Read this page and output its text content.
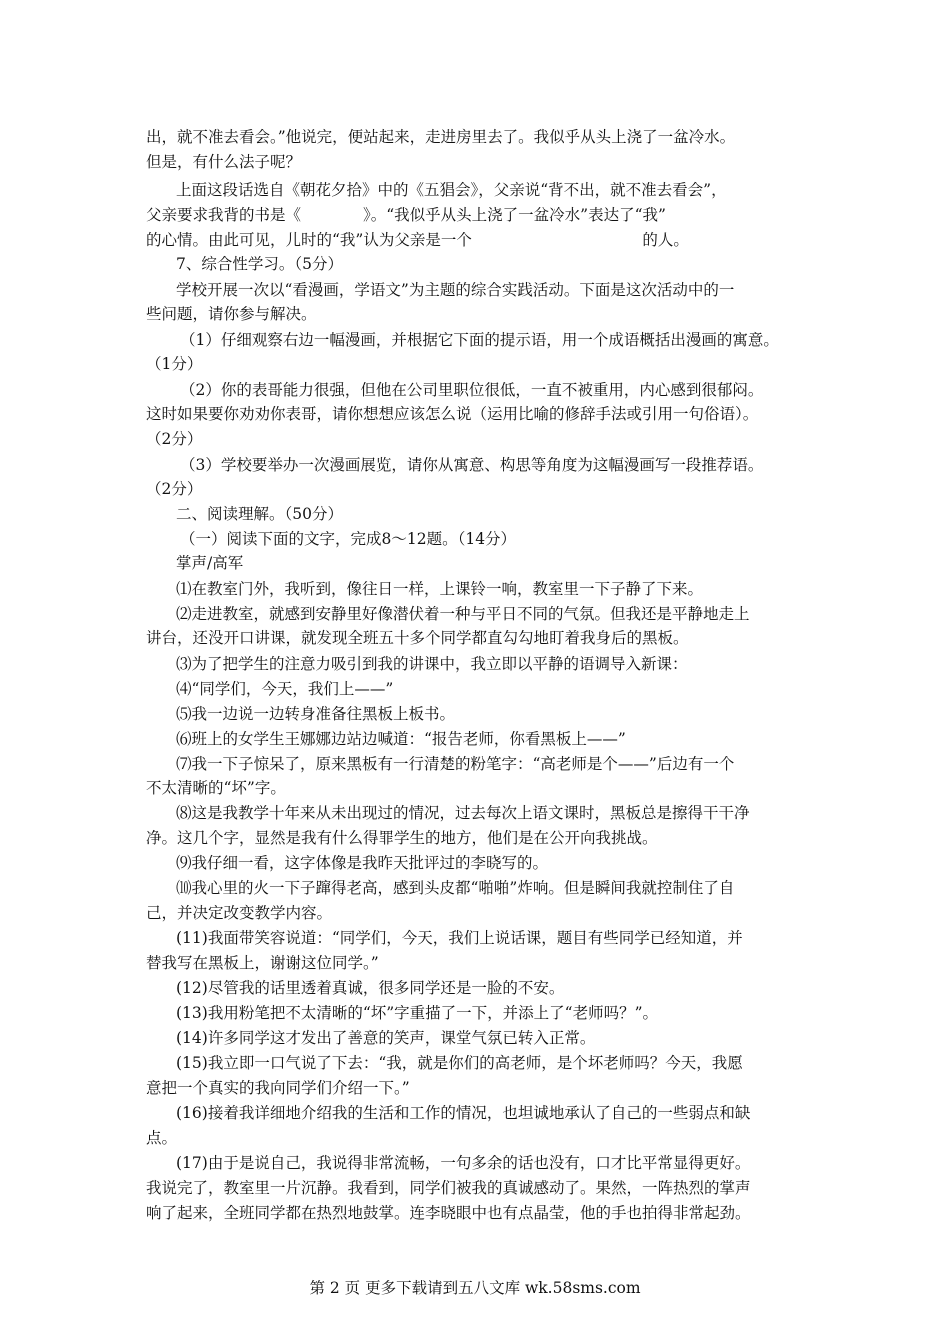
出，就不准去看会。”他说完，便站起来，走进房里去了。我似乎从头上浇了一盆冷水。
但是，有什么法子呢？
上面这段话选自《朝花夕拾》中的《五猖会》，父亲说“背不出，就不准去看会”，
父亲要求我背的书是《　　　　》。“我似乎从头上浇了一盆冷水”表达了“我”
的心情。由此可见，儿时的“我”认为父亲是一个　　　　　　　　　　　的人。
7、综合性学习。（5分）
学校开展一次以“看漫画，学语文”为主题的综合实践活动。下面是这次活动中的一
些问题，请你参与解决。
（1）仔细观察右边一幅漫画，并根据它下面的提示语，用一个成语概括出漫画的寓意。
（1分）
（2）你的表哥能力很强，但他在公司里职位很低，一直不被重用，内心感到很郁闷。
这时如果要你劝劝你表哥，请你想想应该怎么说（运用比喻的修辞手法或引用一句俗语）。
（2分）
（3）学校要举办一次漫画展览，请你从寓意、构思等角度为这幅漫画写一段推荐语。
（2分）
二、阅读理解。（50分）
（一）阅读下面的文字，完成8～12题。（14分）
掌声/高军
⑴在教室门外，我听到，像往日一样，上课铃一响，教室里一下子静了下来。
⑵走进教室，就感到安静里好像潜伏着一种与平日不同的气氛。但我还是平静地走上
讲台，还没开口讲课，就发现全班五十多个同学都直勾勾地盯着我身后的黑板。
⑶为了把学生的注意力吸引到我的讲课中，我立即以平静的语调导入新课：
⑷“同学们，今天，我们上——”
⑸我一边说一边转身准备往黑板上板书。
⑹班上的女学生王娜娜边站边喊道：“报告老师，你看黑板上——”
⑺我一下子惊呆了，原来黑板有一行清楚的粉笔字：“高老师是个——”后边有一个
不太清晰的“坏”字。
⑻这是我教学十年来从未出现过的情况，过去每次上语文课时，黑板总是擦得干干净
净。这几个字，显然是我有什么得罪学生的地方，他们是在公开向我挑战。
⑼我仔细一看，这字体像是我昨天批评过的李晓写的。
⑽我心里的火一下子蹿得老高，感到头皮都“啪啪”炸响。但是瞬间我就控制住了自
己，并决定改变教学内容。
(11)我面带笑容说道：“同学们，今天，我们上说话课，题目有些同学已经知道，并
替我写在黑板上，谢谢这位同学。”
(12)尽管我的话里透着真诚，很多同学还是一脸的不安。
(13)我用粉笔把不太清晰的“坏”字重描了一下，并添上了“老师吗？”。
(14)许多同学这才发出了善意的笑声，课堂气氛已转入正常。
(15)我立即一口气说了下去：“我，就是你们的高老师，是个坏老师吗？今天，我愿
意把一个真实的我向同学们介绍一下。”
(16)接着我详细地介绍我的生活和工作的情况，也坦诚地承认了自己的一些弱点和缺
点。
(17)由于是说自己，我说得非常流畅，一句多余的话也没有，口才比平常显得更好。
我说完了，教室里一片沉静。我看到，同学们被我的真诚感动了。果然，一阵热烈的掌声
响了起来，全班同学都在热烈地鼓掌。连李晓眼中也有点晶莹，他的手也拍得非常起劲。
第 2 页 更多下载请到五八文库 wk.58sms.com
